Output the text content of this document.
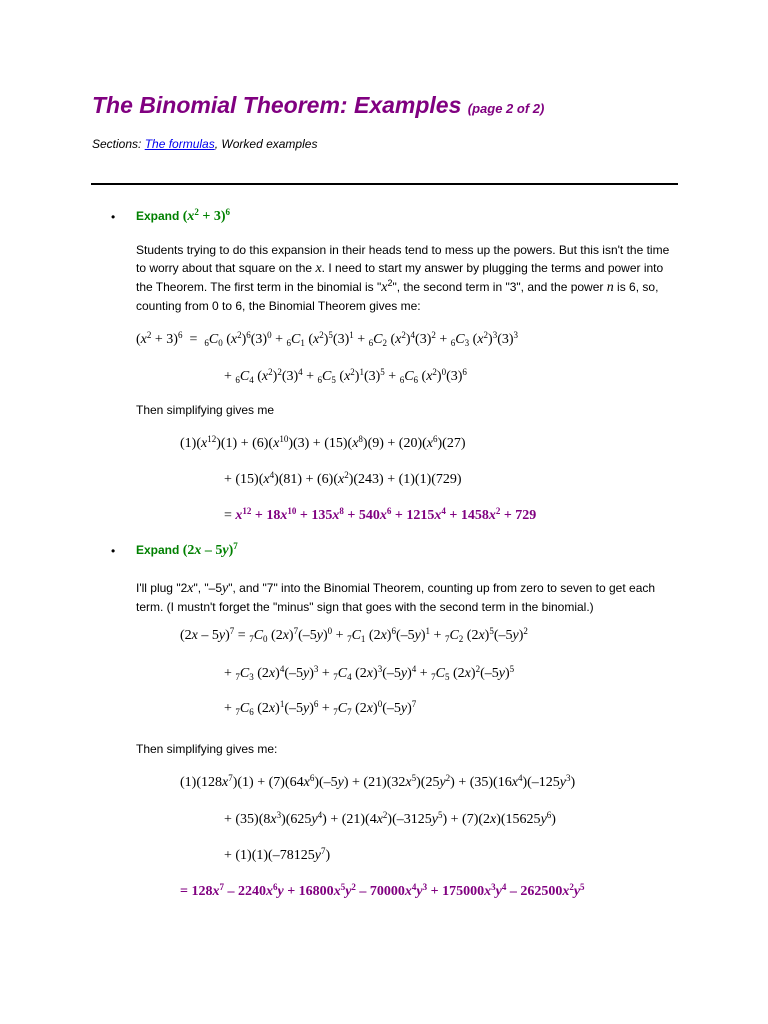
The Binomial Theorem: Examples (page 2 of 2)
Sections: The formulas, Worked examples
• Expand $(x^2 + 3)^6$
Students trying to do this expansion in their heads tend to mess up the powers. But this isn't the time to worry about that square on the x. I need to start my answer by plugging the terms and power into the Theorem. The first term in the binomial is "$x^2$", the second term in "3", and the power n is 6, so, counting from 0 to 6, the Binomial Theorem gives me:
$(x^2 + 3)^6 = _6C_0$ $(x^2)^6(3)^0 + _6C_1$ $(x^2)^5(3)^1 + _6C_2$ $(x^2)^4(3)^2 + _6C_3$ $(x^2)^3(3)^3$
+ $_6C_4$ $(x^2)^2(3)^4 + _6C_5$ $(x^2)^1(3)^5 + _6C_6$ $(x^2)^0(3)^6$
Then simplifying gives me
$(1)(x^{12})(1) + (6)(x^{10})(3) + (15)(x^8)(9) + (20)(x^6)(27)$
+ $(15)(x^4)(81) + (6)(x^2)(243) + (1)(1)(729)$
= $x^{12} + 18x^{10} + 135x^8 + 540x^6 + 1215x^4 + 1458x^2 + 729$
• Expand (2x – 5y)$^7$
I'll plug "2x", "–5y", and "7" into the Binomial Theorem, counting up from zero to seven to get each term. (I mustn't forget the "minus" sign that goes with the second term in the binomial.)
$(2x - 5y)^7 = _7C_0$ $(2x)^7(-5y)^0 + _7C_1$ $(2x)^6(-5y)^1 + _7C_2$ $(2x)^5(-5y)^2$
+ $_7C_3$ $(2x)^4(-5y)^3 + _7C_4$ $(2x)^3(-5y)^4 + _7C_5$ $(2x)^2(-5y)^5$
+ $_7C_6$ $(2x)^1(-5y)^6 + _7C_7$ $(2x)^0(-5y)^7$
Then simplifying gives me:
$(1)(128x^7)(1) + (7)(64x^6)(-5y) + (21)(32x^5)(25y^2) + (35)(16x^4)(-125y^3)$
+ $(35)(8x^3)(625y^4) + (21)(4x^2)(-3125y^5) + (7)(2x)(15625y^6)$
+ $(1)(1)(-78125y^7)$
= $128x^7 - 2240x^6y + 16800x^5y^2 - 70000x^4y^3 + 175000x^3y^4 - 262500x^2y^5$
